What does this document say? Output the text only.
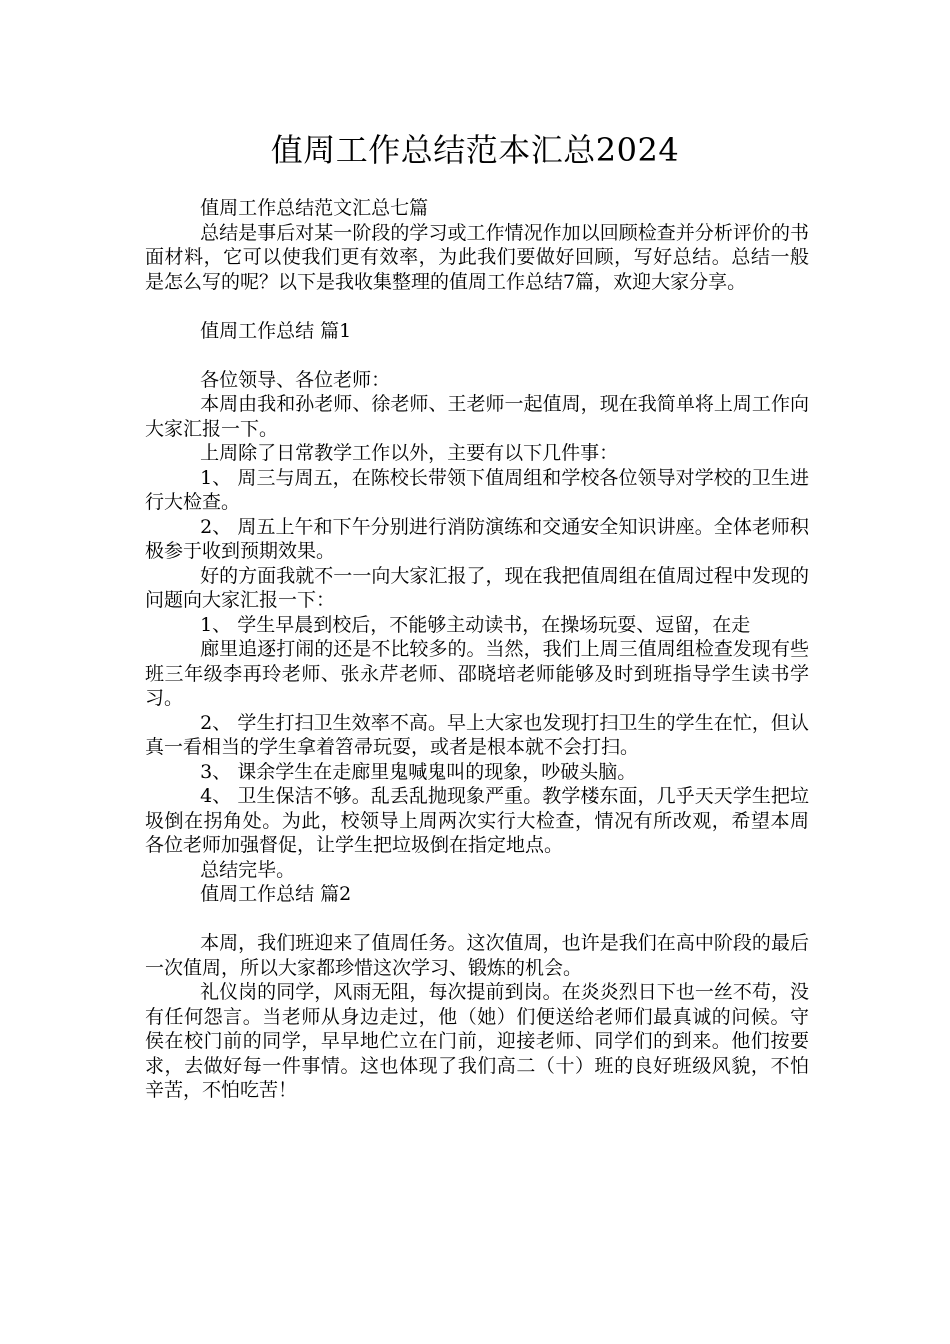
值周工作总结范本汇总2024

值周工作总结范文汇总七篇

总结是事后对某一阶段的学习或工作情况作加以回顾检查并分析评价的书面材料，它可以使我们更有效率，为此我们要做好回顾，写好总结。总结一般是怎么写的呢？以下是我收集整理的值周工作总结7篇，欢迎大家分享。

值周工作总结 篇1

各位领导、各位老师：

本周由我和孙老师、徐老师、王老师一起值周，现在我简单将上周工作向大家汇报一下。

上周除了日常教学工作以外，主要有以下几件事：

1、 周三与周五，在陈校长带领下值周组和学校各位领导对学校的卫生进行大检查。

2、 周五上午和下午分别进行消防演练和交通安全知识讲座。全体老师积极参于收到预期效果。

好的方面我就不一一向大家汇报了，现在我把值周组在值周过程中发现的问题向大家汇报一下：

1、 学生早晨到校后，不能够主动读书，在操场玩耍、逗留，在走

廊里追逐打闹的还是不比较多的。当然，我们上周三值周组检查发现有些班三年级李再玲老师、张永芹老师、邵晓培老师能够及时到班指导学生读书学习。

2、 学生打扫卫生效率不高。早上大家也发现打扫卫生的学生在忙，但认真一看相当的学生拿着笤帚玩耍，或者是根本就不会打扫。

3、 课余学生在走廊里鬼喊鬼叫的现象，吵破头脑。

4、 卫生保洁不够。乱丢乱抛现象严重。教学楼东面，几乎天天学生把垃圾倒在拐角处。为此，校领导上周两次实行大检查，情况有所改观，希望本周各位老师加强督促，让学生把垃圾倒在指定地点。

总结完毕。

值周工作总结 篇2

本周，我们班迎来了值周任务。这次值周，也许是我们在高中阶段的最后一次值周，所以大家都珍惜这次学习、锻炼的机会。

礼仪岗的同学，风雨无阻，每次提前到岗。在炎炎烈日下也一丝不苟，没有任何怨言。当老师从身边走过，他（她）们便送给老师们最真诚的问候。守侯在校门前的同学，早早地伫立在门前，迎接老师、同学们的到来。他们按要求，去做好每一件事情。这也体现了我们高二（十）班的良好班级风貌，不怕辛苦，不怕吃苦！
